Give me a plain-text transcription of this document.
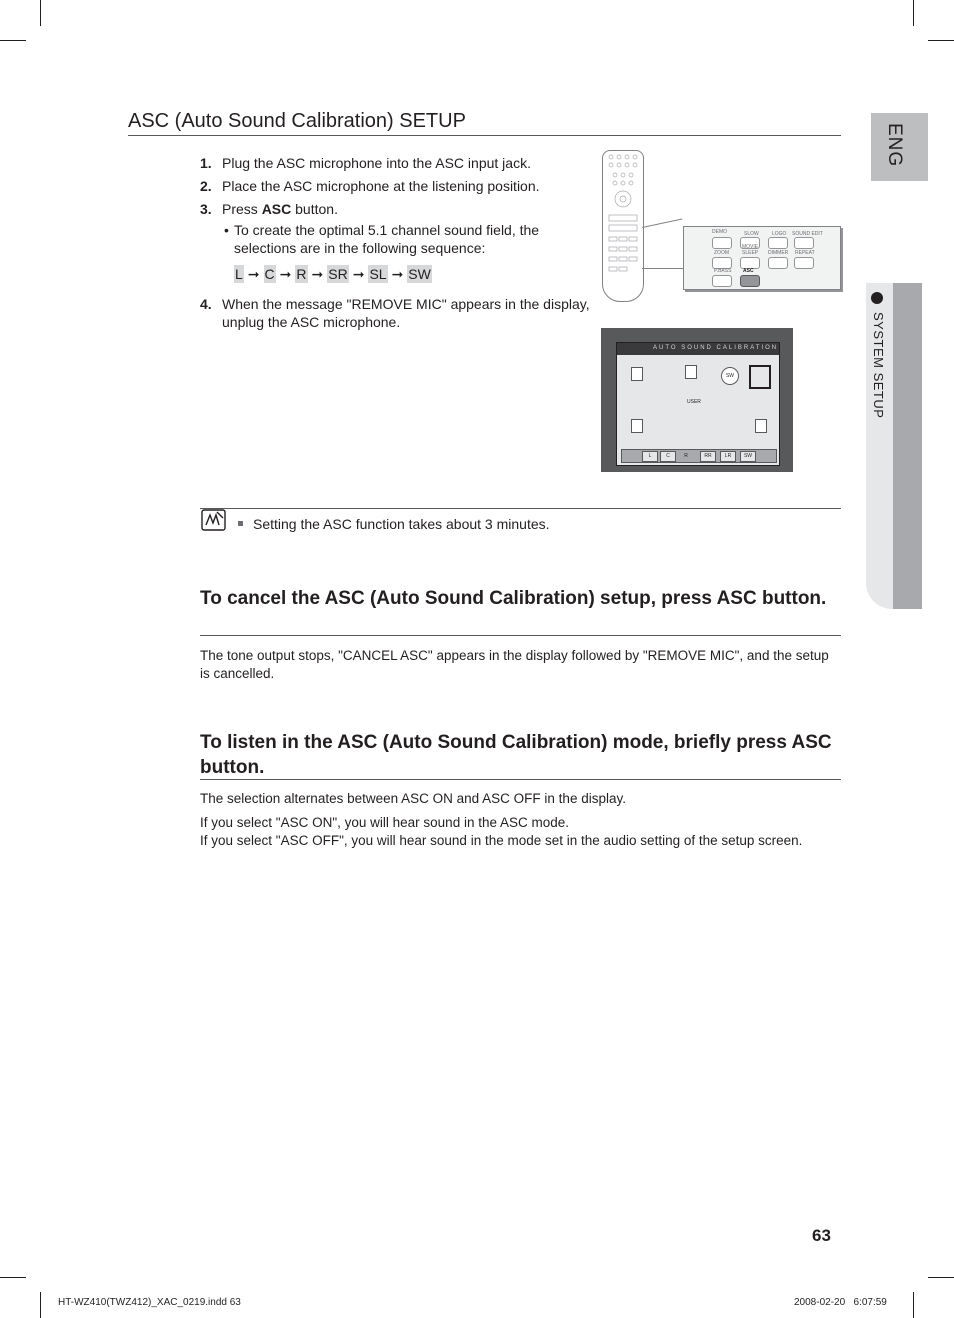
ENG
SYSTEM SETUP
ASC (Auto Sound Calibration) SETUP
1. Plug the ASC microphone into the ASC input jack.
2. Place the ASC microphone at the listening position.
3. Press ASC button.
• To create the optimal 5.1 channel sound field, the selections are in the following sequence:
L ➞ C ➞ R ➞ SR ➞ SL ➞ SW
4. When the message "REMOVE MIC" appears in the display, unplug the ASC microphone.
DEMO	SLOW	LOGO SOUND EDIT
MOVIE
ZOOM	SLEEP DIMMER REPEAT
P.BASS ASC
AUTO SOUND CALIBRATION
SW
USER
L	C	R	RR	LR	SW
Setting the ASC function takes about 3 minutes.
To cancel the ASC (Auto Sound Calibration) setup, press ASC button.
The tone output stops, "CANCEL ASC" appears in the display followed by "REMOVE MIC", and the setup is cancelled.
To listen in the ASC (Auto Sound Calibration) mode, briefly press ASC button.
The selection alternates between ASC ON and ASC OFF in the display.
If you select "ASC ON", you will hear sound in the ASC mode.
If you select "ASC OFF", you will hear sound in the mode set in the audio setting of the setup screen.
63
HT-WZ410(TWZ412)_XAC_0219.indd 63	2008-02-20   6:07:59
